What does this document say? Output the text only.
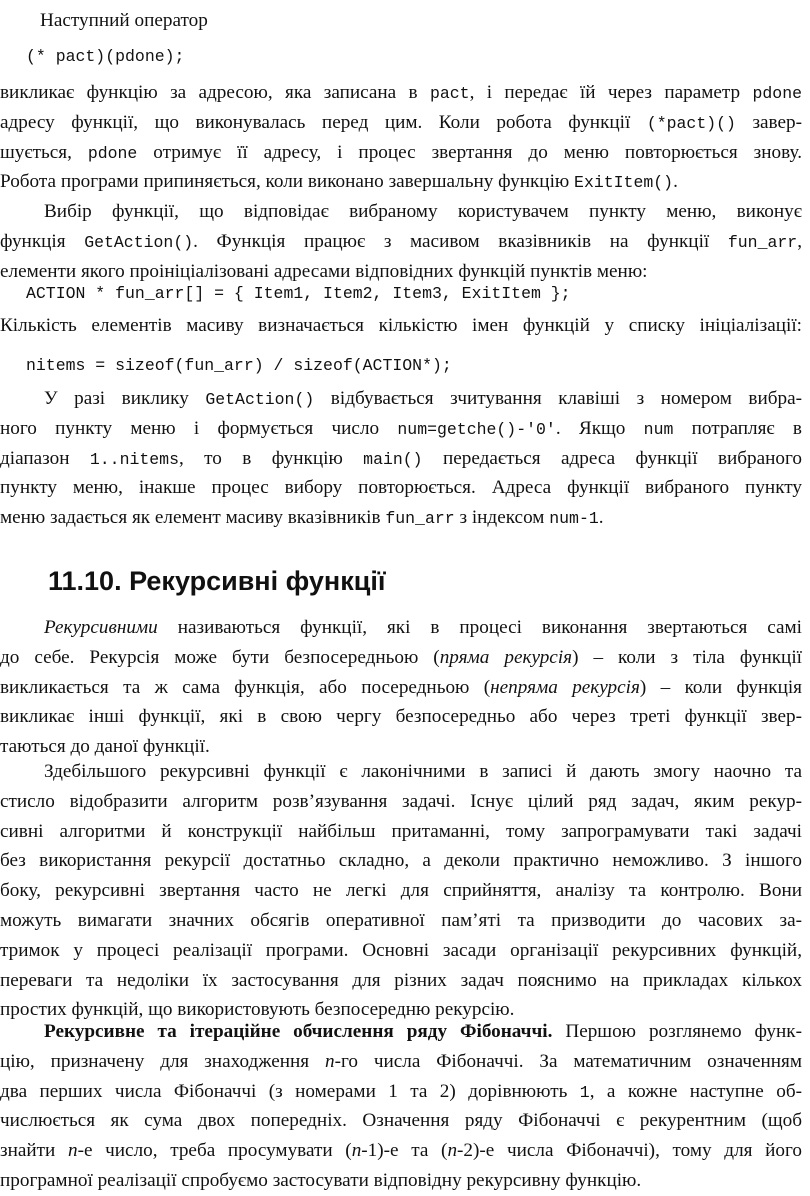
Наступний оператор
(* pact)(pdone);
викликає функцію за адресою, яка записана в pact, і передає їй через параметр pdone
адресу функції, що виконувалась перед цим. Коли робота функції (*pact)() завер-
шується, pdone отримує її адресу, і процес звертання до меню повторюється знову.
Робота програми припиняється, коли виконано завершальну функцію ExitItem().
Вибір функції, що відповідає вибраному користувачем пункту меню, виконує
функція GetAction(). Функція працює з масивом вказівників на функції fun_arr,
елементи якого проініціалізовані адресами відповідних функцій пунктів меню:
ACTION * fun_arr[] = { Item1, Item2, Item3, ExitItem };
Кількість елементів масиву визначається кількістю імен функцій у списку ініціалізації:
nitems = sizeof(fun_arr) / sizeof(ACTION*);
У разі виклику GetAction() відбувається зчитування клавіші з номером вибра-
ного пункту меню і формується число num=getche()-'0'. Якщо num потрапляє в
діапазон 1..nitems, то в функцію main() передається адреса функції вибраного
пункту меню, інакше процес вибору повторюється. Адреса функції вибраного пункту
меню задається як елемент масиву вказівників fun_arr з індексом num-1.
11.10. Рекурсивні функції
Рекурсивними називаються функції, які в процесі виконання звертаються самі
до себе. Рекурсія може бути безпосередньою (пряма рекурсія) – коли з тіла функції
викликається та ж сама функція, або посередньою (непряма рекурсія) – коли функція
викликає інші функції, які в свою чергу безпосередньо або через треті функції звер-
таються до даної функції.
Здебільшого рекурсивні функції є лаконічними в записі й дають змогу наочно та
стисло відобразити алгоритм розв’язування задачі. Існує цілий ряд задач, яким рекур-
сивні алгоритми й конструкції найбільш притаманні, тому запрограмувати такі задачі
без використання рекурсії достатньо складно, а деколи практично неможливо. З іншого
боку, рекурсивні звертання часто не легкі для сприйняття, аналізу та контролю. Вони
можуть вимагати значних обсягів оперативної пам’яті та призводити до часових за-
тримок у процесі реалізації програми. Основні засади організації рекурсивних функцій,
переваги та недоліки їх застосування для різних задач пояснимо на прикладах кількох
простих функцій, що використовують безпосередню рекурсію.
Рекурсивне та ітераційне обчислення ряду Фібоначчі. Першою розглянемо функ-
цію, призначену для знаходження n-го числа Фібоначчі. За математичним означенням
два перших числа Фібоначчі (з номерами 1 та 2) дорівнюють 1, а кожне наступне об-
числюється як сума двох попередніх. Означення ряду Фібоначчі є рекурентним (щоб
знайти n-е число, треба просумувати (n-1)-е та (n-2)-е числа Фібоначчі), тому для його
програмної реалізації спробуємо застосувати відповідну рекурсивну функцію.
